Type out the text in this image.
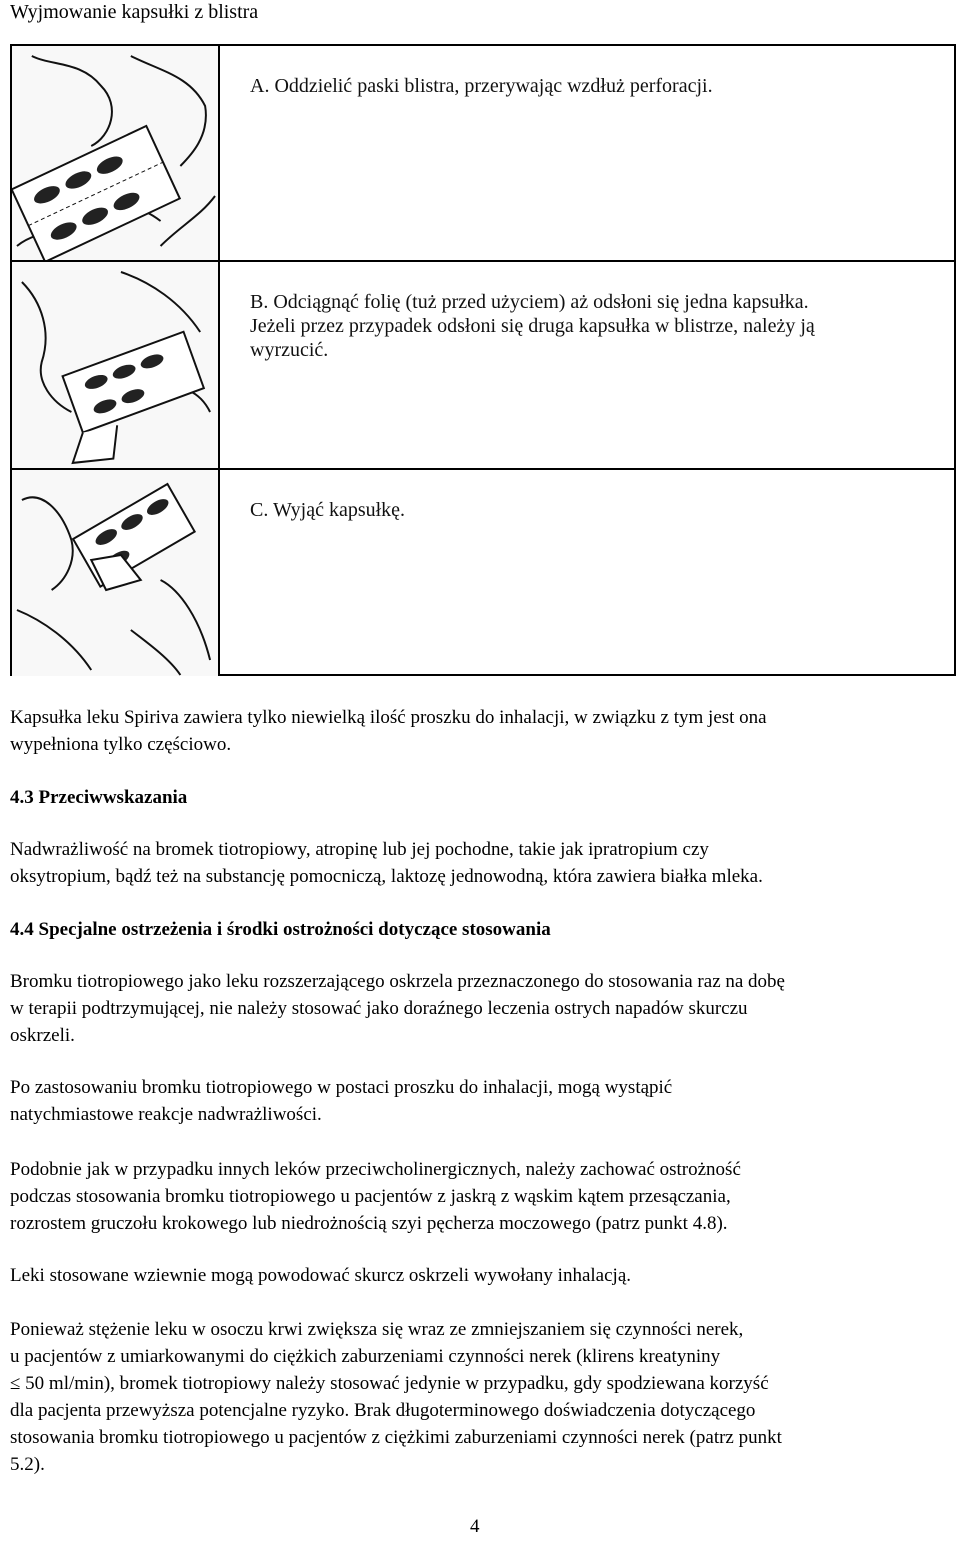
Wyjmowanie kapsułki z blistra

A. Oddzielić paski blistra, przerywając wzdłuż perforacji.

B. Odciągnąć folię (tuż przed użyciem) aż odsłoni się jedna kapsułka.

Jeżeli przez przypadek odsłoni się druga kapsułka w blistrze, należy ją

wyrzucić.

C. Wyjąć kapsułkę.

Kapsułka leku Spiriva zawiera tylko niewielką ilość proszku do inhalacji, w związku z tym jest ona
wypełniona tylko częściowo.

4.3 Przeciwwskazania

Nadwrażliwość na bromek tiotropiowy, atropinę lub jej pochodne, takie jak ipratropium czy
oksytropium, bądź też na substancję pomocniczą, laktozę jednowodną, która zawiera białka mleka.

4.4 Specjalne ostrzeżenia i środki ostrożności dotyczące stosowania

Bromku tiotropiowego jako leku rozszerzającego oskrzela przeznaczonego do stosowania raz na dobę
w terapii podtrzymującej, nie należy stosować jako doraźnego leczenia ostrych napadów skurczu
oskrzeli.

Po zastosowaniu bromku tiotropiowego w postaci proszku do inhalacji, mogą wystąpić
natychmiastowe reakcje nadwrażliwości.

Podobnie jak w przypadku innych leków przeciwcholinergicznych, należy zachować ostrożność
podczas stosowania bromku tiotropiowego u pacjentów z jaskrą z wąskim kątem przesączania,
rozrostem gruczołu krokowego lub niedrożnością szyi pęcherza moczowego (patrz punkt 4.8).

Leki stosowane wziewnie mogą powodować skurcz oskrzeli wywołany inhalacją.

Ponieważ stężenie leku w osoczu krwi zwiększa się wraz ze zmniejszaniem się czynności nerek,
u pacjentów z umiarkowanymi do ciężkich zaburzeniami czynności nerek (klirens kreatyniny
≤ 50 ml/min), bromek tiotropiowy należy stosować jedynie w przypadku, gdy spodziewana korzyść
dla pacjenta przewyższa potencjalne ryzyko. Brak długoterminowego doświadczenia dotyczącego
stosowania bromku tiotropiowego u pacjentów z ciężkimi zaburzeniami czynności nerek (patrz punkt
5.2).

4
